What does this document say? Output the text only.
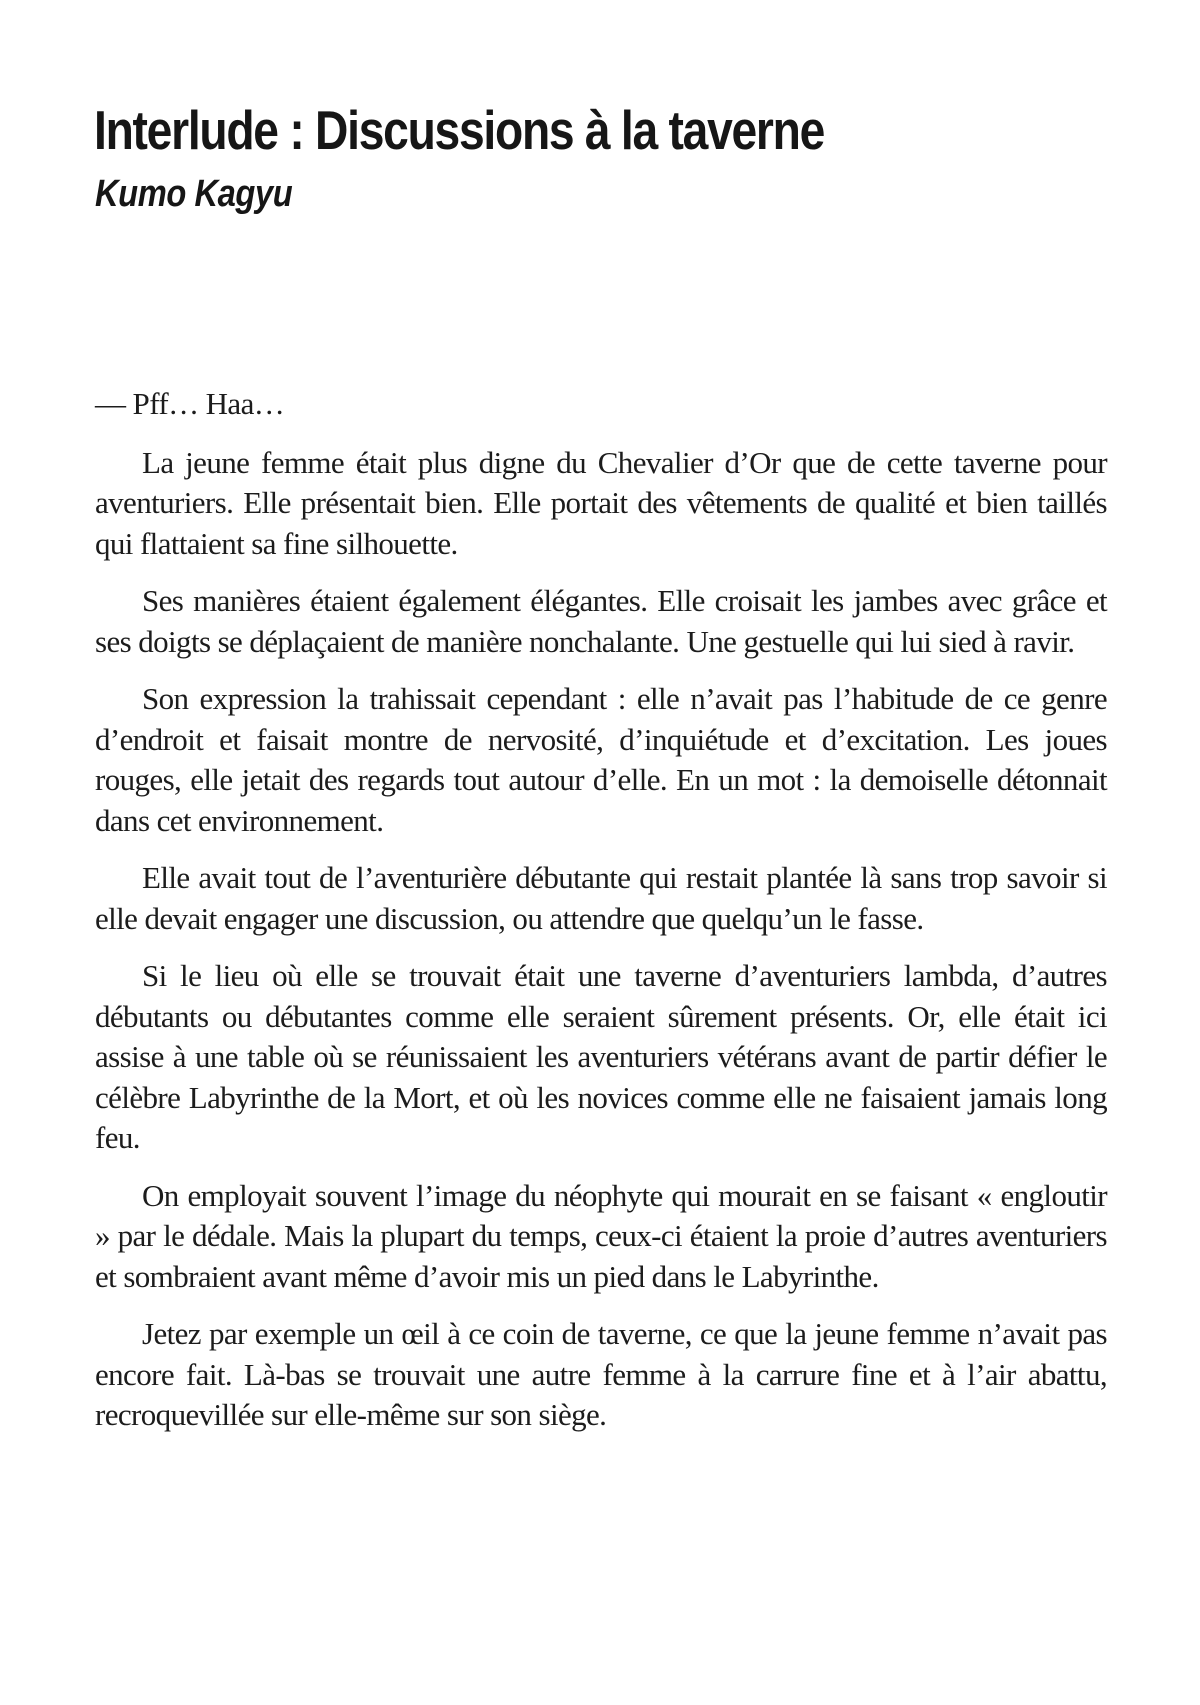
Interlude : Discussions à la taverne
Kumo Kagyu

— Pff… Haa…

La jeune femme était plus digne du Chevalier d’Or que de cette taverne pour aventuriers. Elle présentait bien. Elle portait des vêtements de qualité et bien taillés qui flattaient sa fine silhouette.

Ses manières étaient également élégantes. Elle croisait les jambes avec grâce et ses doigts se déplaçaient de manière nonchalante. Une gestuelle qui lui sied à ravir.

Son expression la trahissait cependant : elle n’avait pas l’habitude de ce genre d’endroit et faisait montre de nervosité, d’inquiétude et d’excitation. Les joues rouges, elle jetait des regards tout autour d’elle. En un mot : la demoiselle détonnait dans cet environnement.

Elle avait tout de l’aventurière débutante qui restait plantée là sans trop savoir si elle devait engager une discussion, ou attendre que quelqu’un le fasse.

Si le lieu où elle se trouvait était une taverne d’aventuriers lambda, d’autres débutants ou débutantes comme elle seraient sûrement présents. Or, elle était ici assise à une table où se réunissaient les aventuriers vétérans avant de partir défier le célèbre Labyrinthe de la Mort, et où les novices comme elle ne faisaient jamais long feu.

On employait souvent l’image du néophyte qui mourait en se faisant « engloutir » par le dédale. Mais la plupart du temps, ceux-ci étaient la proie d’autres aventuriers et sombraient avant même d’avoir mis un pied dans le Labyrinthe.

Jetez par exemple un œil à ce coin de taverne, ce que la jeune femme n’avait pas encore fait. Là-bas se trouvait une autre femme à la carrure fine et à l’air abattu, recroquevillée sur elle-même sur son siège.
